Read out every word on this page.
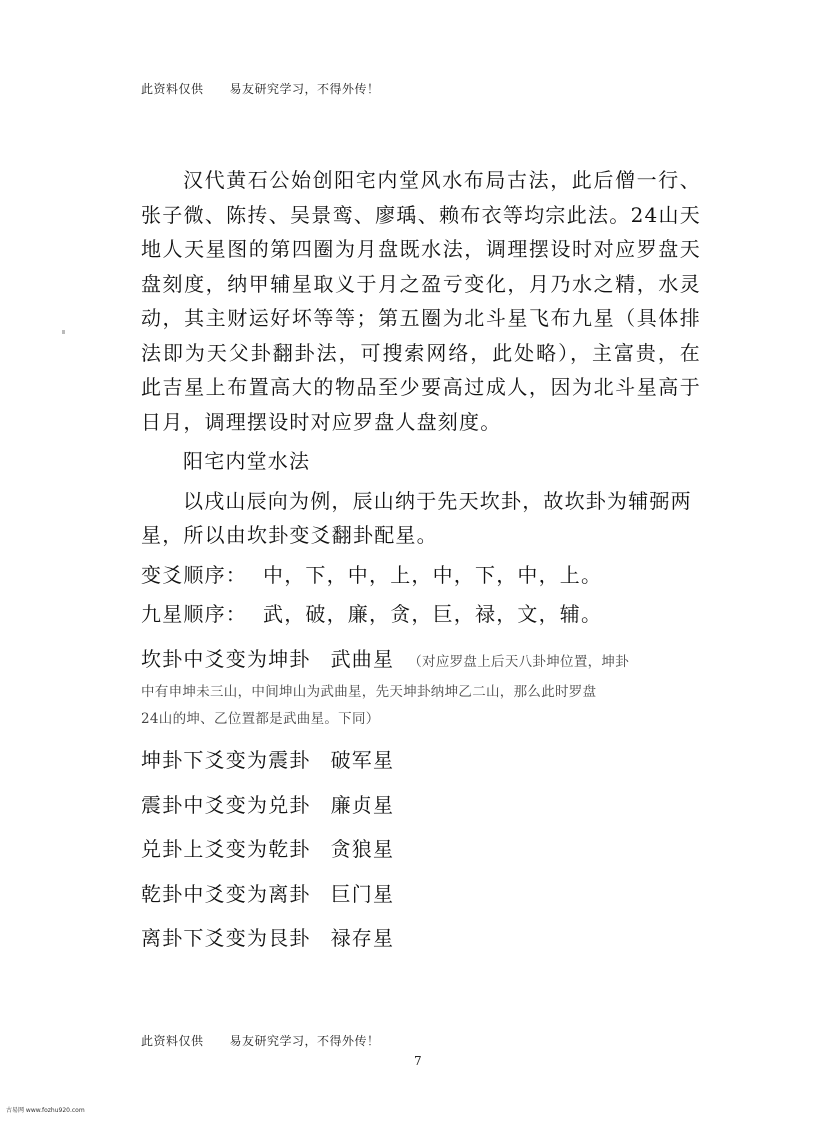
此资料仅供 易友研究学习，不得外传！

汉代黄石公始创阳宅内堂风水布局古法，此后僧一行、张子微、陈抟、吴景鸾、廖瑀、赖布衣等均宗此法。24山天地人天星图的第四圈为月盘既水法，调理摆设时对应罗盘天盘刻度，纳甲辅星取义于月之盈亏变化，月乃水之精，水灵动，其主财运好坏等等；第五圈为北斗星飞布九星（具体排法即为天父卦翻卦法，可搜索网络，此处略），主富贵，在此吉星上布置高大的物品至少要高过成人，因为北斗星高于日月，调理摆设时对应罗盘人盘刻度。

阳宅内堂水法

以戌山辰向为例，辰山纳于先天坎卦，故坎卦为辅弼两星，所以由坎卦变爻翻卦配星。

变爻顺序： 中，下，中，上，中，下，中，上。

九星顺序： 武，破，廉，贪，巨，禄，文，辅。

坎卦中爻变为坤卦 武曲星 （对应罗盘上后天八卦坤位置，坤卦

中有申坤未三山，中间坤山为武曲星，先天坤卦纳坤乙二山，那么此时罗盘

24山的坤、乙位置都是武曲星。下同）

坤卦下爻变为震卦 破军星

震卦中爻变为兑卦 廉贞星

兑卦上爻变为乾卦 贪狼星

乾卦中爻变为离卦 巨门星

离卦下爻变为艮卦 禄存星

此资料仅供 易友研究学习，不得外传！
7
古易网 www.fozhu920.com
